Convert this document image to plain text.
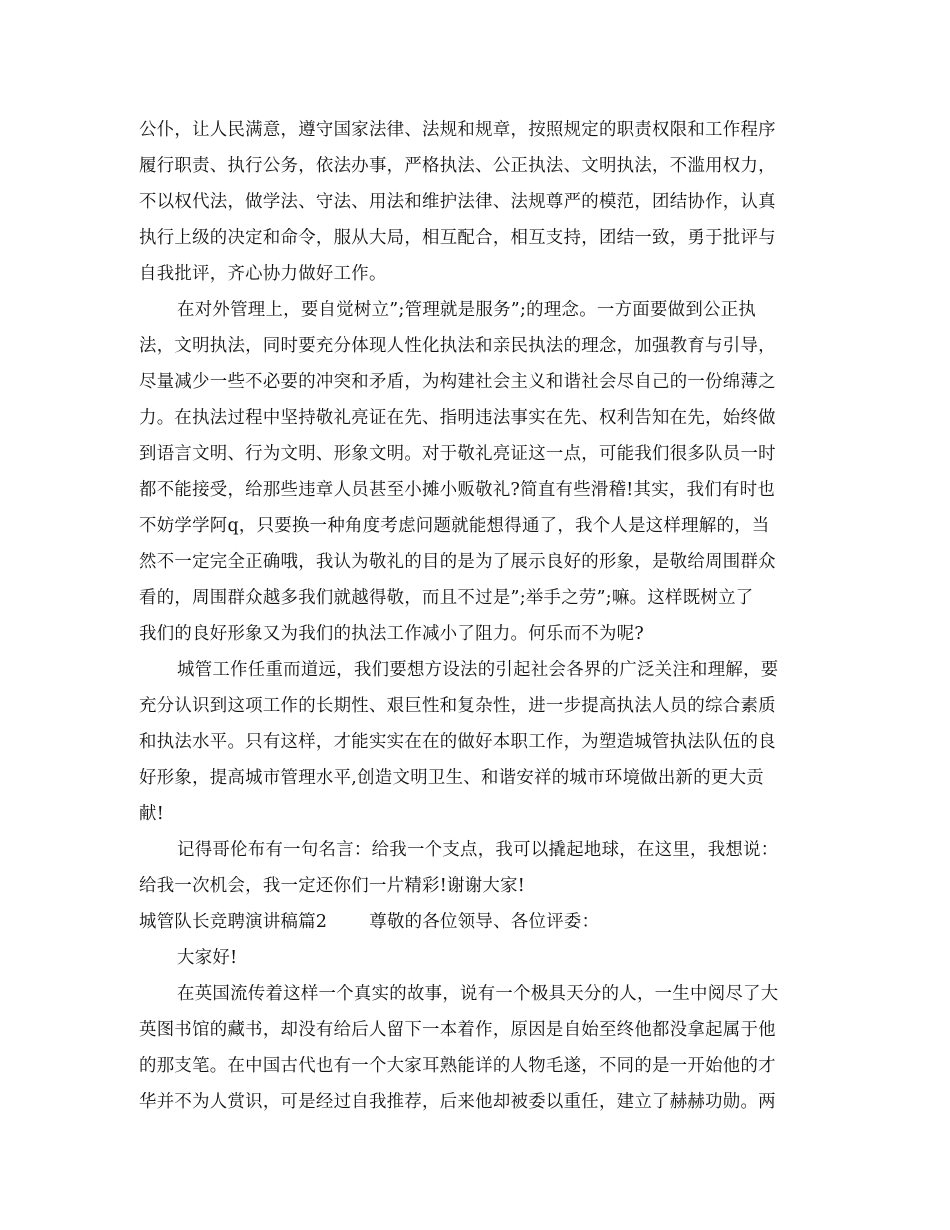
公仆，让人民满意，遵守国家法律、法规和规章，按照规定的职责权限和工作程序
履行职责、执行公务，依法办事，严格执法、公正执法、文明执法，不滥用权力，
不以权代法，做学法、守法、用法和维护法律、法规尊严的模范，团结协作，认真
执行上级的决定和命令，服从大局，相互配合，相互支持，团结一致，勇于批评与
自我批评，齐心协力做好工作。
在对外管理上，要自觉树立”;管理就是服务”;的理念。一方面要做到公正执
法，文明执法，同时要充分体现人性化执法和亲民执法的理念，加强教育与引导，
尽量减少一些不必要的冲突和矛盾，为构建社会主义和谐社会尽自己的一份绵薄之
力。在执法过程中坚持敬礼亮证在先、指明违法事实在先、权利告知在先，始终做
到语言文明、行为文明、形象文明。对于敬礼亮证这一点，可能我们很多队员一时
都不能接受，给那些违章人员甚至小摊小贩敬礼?简直有些滑稽!其实，我们有时也
不妨学学阿q，只要换一种角度考虑问题就能想得通了，我个人是这样理解的，当
然不一定完全正确哦，我认为敬礼的目的是为了展示良好的形象，是敬给周围群众
看的，周围群众越多我们就越得敬，而且不过是”;举手之劳”;嘛。这样既树立了
我们的良好形象又为我们的执法工作减小了阻力。何乐而不为呢?
城管工作任重而道远，我们要想方设法的引起社会各界的广泛关注和理解，要
充分认识到这项工作的长期性、艰巨性和复杂性，进一步提高执法人员的综合素质
和执法水平。只有这样，才能实实在在的做好本职工作，为塑造城管执法队伍的良
好形象，提高城市管理水平,创造文明卫生、和谐安祥的城市环境做出新的更大贡
献!
记得哥伦布有一句名言：给我一个支点，我可以撬起地球，在这里，我想说：
给我一次机会，我一定还你们一片精彩!谢谢大家!
城管队长竞聘演讲稿篇2 尊敬的各位领导、各位评委：
大家好!
在英国流传着这样一个真实的故事，说有一个极具天分的人，一生中阅尽了大
英图书馆的藏书，却没有给后人留下一本着作，原因是自始至终他都没拿起属于他
的那支笔。在中国古代也有一个大家耳熟能详的人物毛遂，不同的是一开始他的才
华并不为人赏识，可是经过自我推荐，后来他却被委以重任，建立了赫赫功勋。两
